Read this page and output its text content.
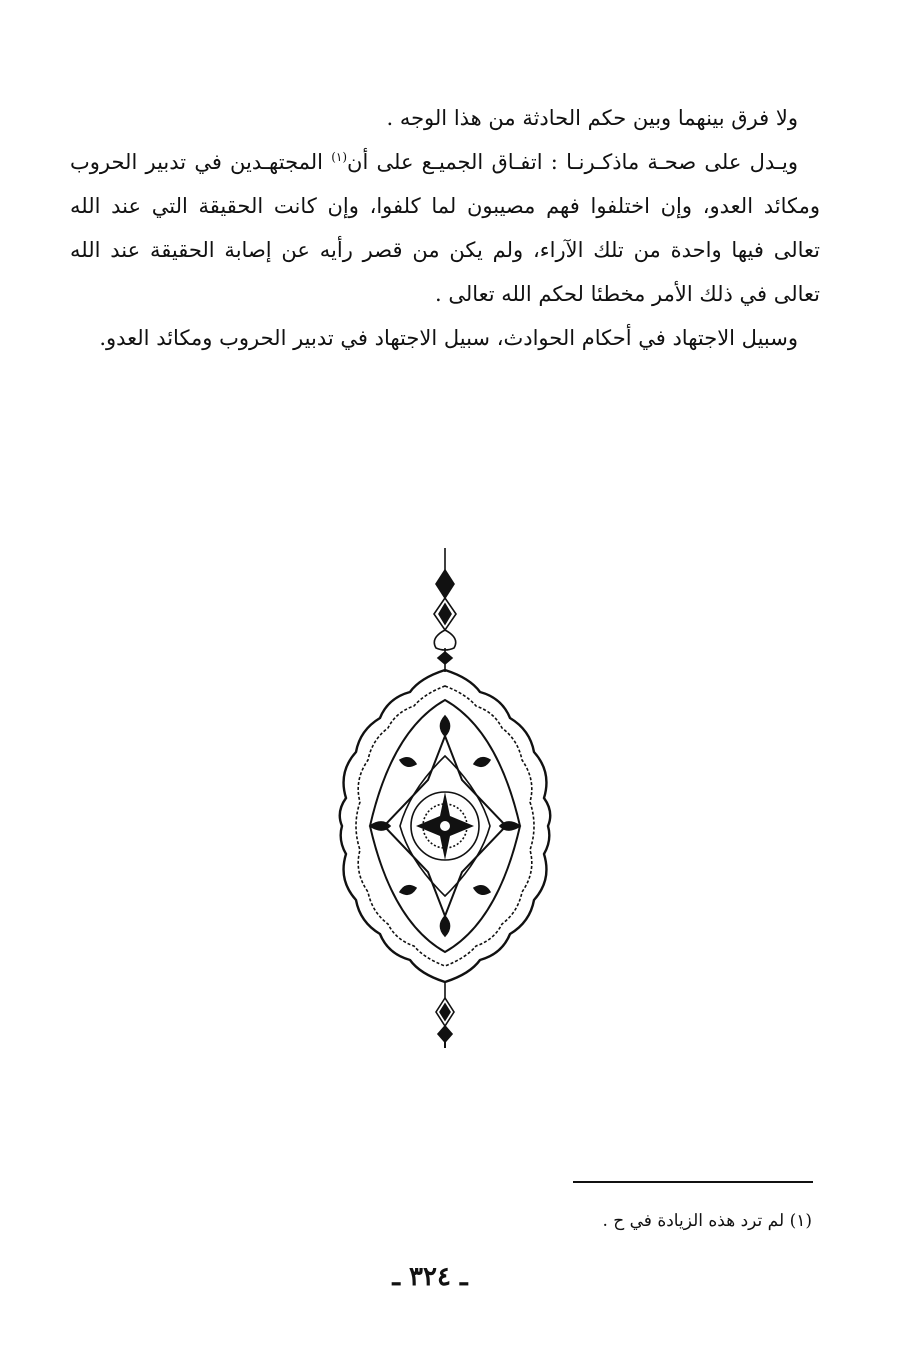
ولا فرق بينهما وبين حكم الحادثة من هذا الوجه .

ويـدل على صحـة ماذكـرنـا : اتفـاق الجميـع على أن$^{(١)}$ المجتهـدين في تدبير الحروب ومكائد العدو، وإن اختلفوا فهم مصيبون لما كلفوا، وإن كانت الحقيقة التي عند الله تعالى فيها واحدة من تلك الآراء، ولم يكن من قصر رأيه عن إصابة الحقيقة عند الله تعالى في ذلك الأمر مخطئا لحكم الله تعالى .

وسبيل الاجتهاد في أحكام الحوادث، سبيل الاجتهاد في تدبير الحروب ومكائد العدو.

(١) لم ترد هذه الزيادة في ح .
ـ ٣٢٤ ـ
